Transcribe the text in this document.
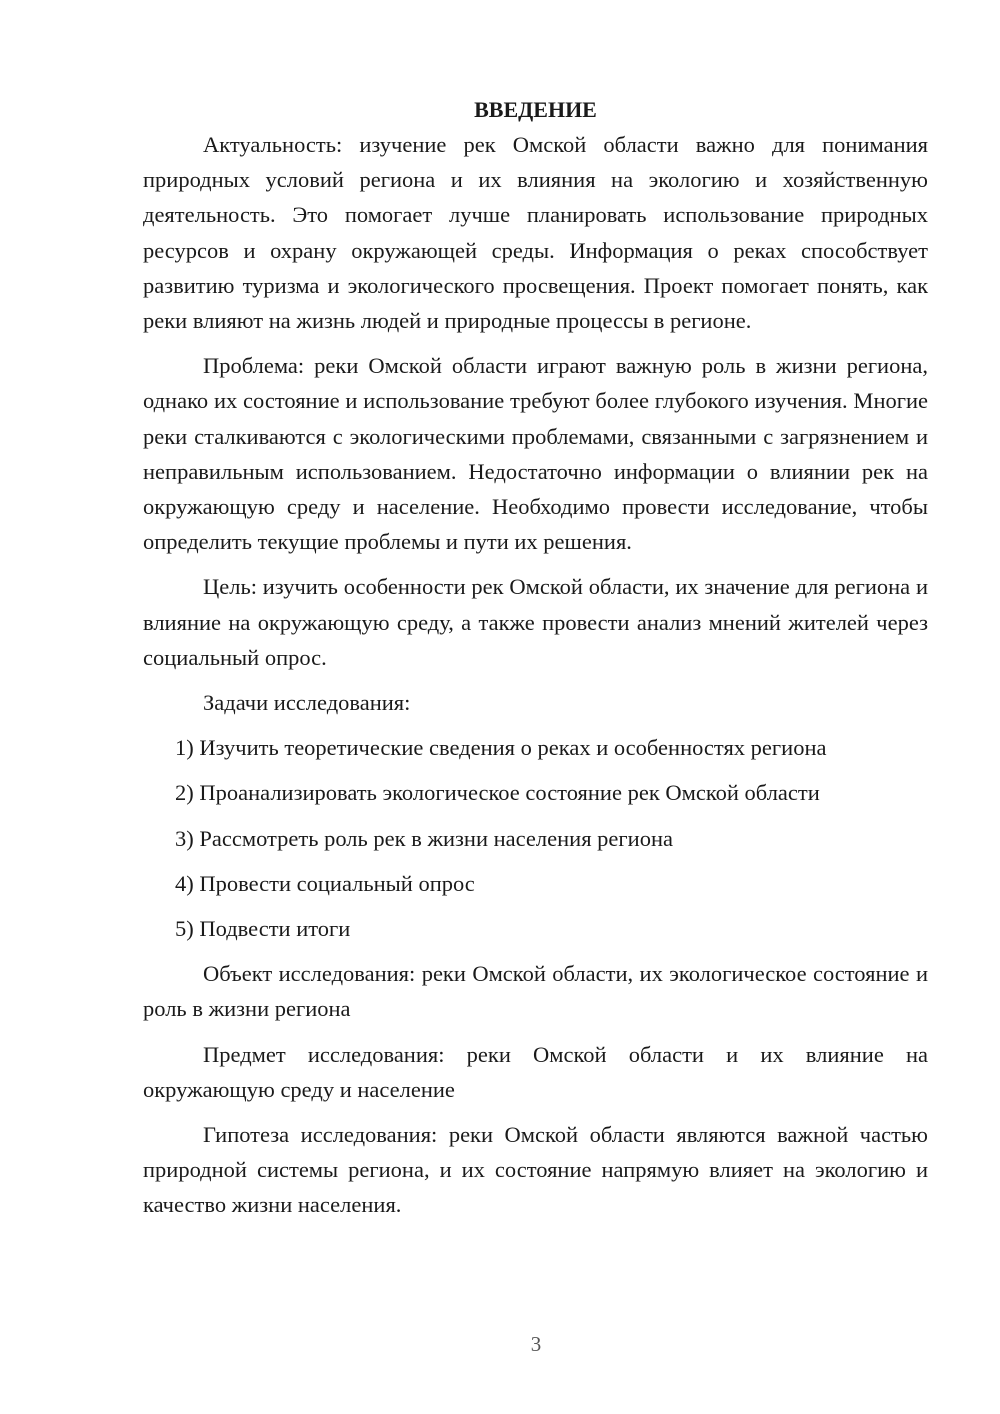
ВВЕДЕНИЕ

Актуальность: изучение рек Омской области важно для понимания природных условий региона и их влияния на экологию и хозяйственную деятельность. Это помогает лучше планировать использование природных ресурсов и охрану окружающей среды. Информация о реках способствует развитию туризма и экологического просвещения. Проект помогает понять, как реки влияют на жизнь людей и природные процессы в регионе.

Проблема: реки Омской области играют важную роль в жизни региона, однако их состояние и использование требуют более глубокого изучения. Многие реки сталкиваются с экологическими проблемами, связанными с загрязнением и неправильным использованием. Недостаточно информации о влиянии рек на окружающую среду и население. Необходимо провести исследование, чтобы определить текущие проблемы и пути их решения.

Цель: изучить особенности рек Омской области, их значение для региона и влияние на окружающую среду, а также провести анализ мнений жителей через социальный опрос.

Задачи исследования:

1) Изучить теоретические сведения о реках и особенностях региона
2) Проанализировать экологическое состояние рек Омской области
3) Рассмотреть роль рек в жизни населения региона
4) Провести социальный опрос
5) Подвести итоги

Объект исследования: реки Омской области, их экологическое состояние и роль в жизни региона

Предмет исследования: реки Омской области и их влияние на окружающую среду и население

Гипотеза исследования: реки Омской области являются важной частью природной системы региона, и их состояние напрямую влияет на экологию и качество жизни населения.

3
